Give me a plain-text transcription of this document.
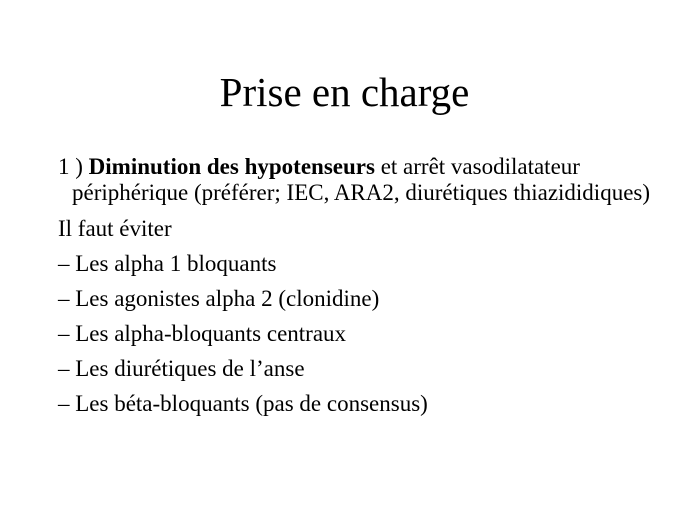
Prise en charge

1 ) Diminution des hypotenseurs et arrêt vasodilatateur périphérique (préférer; IEC, ARA2, diurétiques thiazididiques)

Il faut éviter

– Les alpha 1 bloquants

– Les agonistes alpha 2 (clonidine)

– Les alpha-bloquants centraux

– Les diurétiques de l’anse

– Les béta-bloquants (pas de consensus)
